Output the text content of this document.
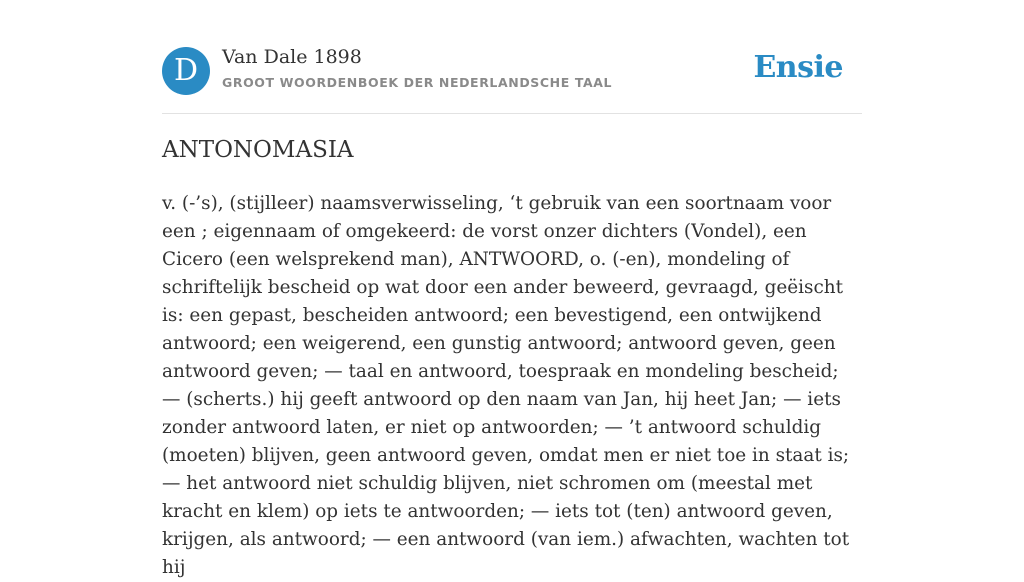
D	Van Dale 1898
GROOT WOORDENBOEK DER NEDERLANDSCHE TAAL	Ensie
ANTONOMASIA

v. (-’s), (stijlleer) naamsverwisseling, ‘t gebruik van een soortnaam voor een ; eigennaam of omgekeerd: de vorst onzer dichters (Vondel), een Cicero (een welsprekend man), ANTWOORD, o. (-en), mondeling of schriftelijk bescheid op wat door een ander beweerd, gevraagd, geëischt is: een gepast, bescheiden antwoord; een bevestigend, een ontwijkend antwoord; een weigerend, een gunstig antwoord; antwoord geven, geen antwoord geven; — taal en antwoord, toespraak en mondeling bescheid; — (scherts.) hij geeft antwoord op den naam van Jan, hij heet Jan; — iets zonder antwoord laten, er niet op antwoorden; — ’t antwoord schuldig (moeten) blijven, geen antwoord geven, omdat men er niet toe in staat is; — het antwoord niet schuldig blijven, niet schromen om (meestal met kracht en klem) op iets te antwoorden; — iets tot (ten) antwoord geven, krijgen, als antwoord; — een antwoord (van iem.) afwachten, wachten tot hij
